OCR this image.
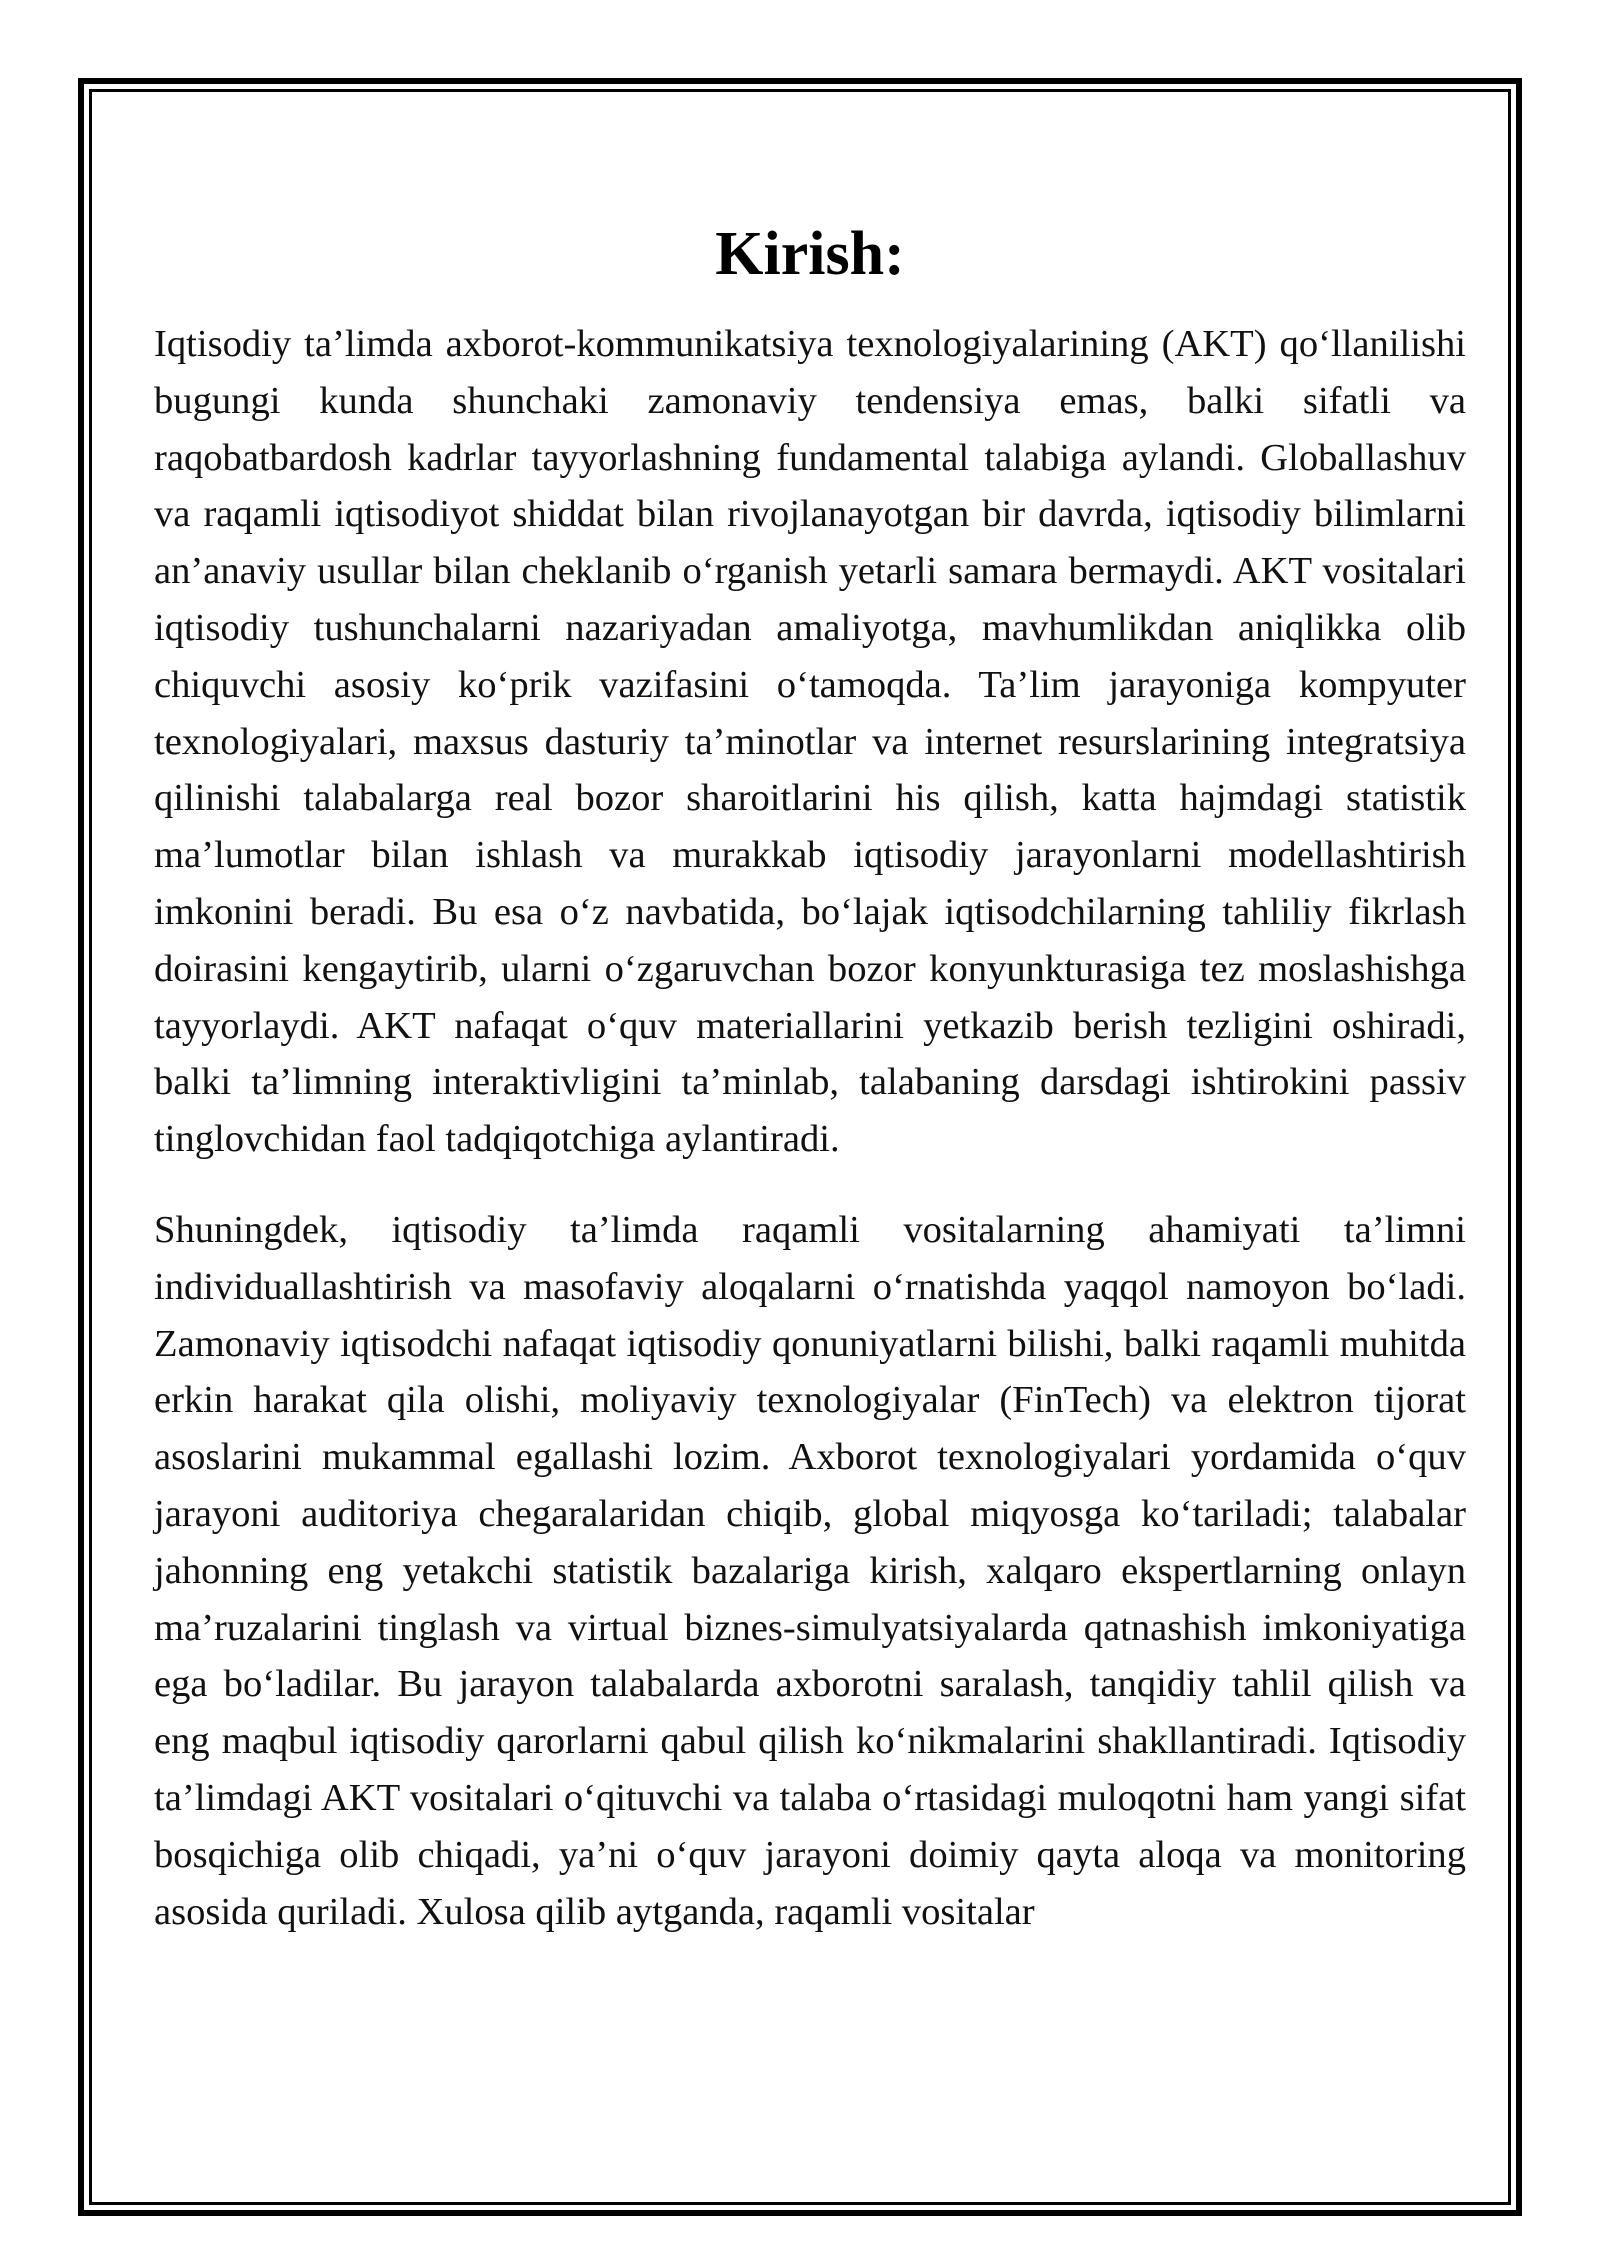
Kirish:

Iqtisodiy ta’limda axborot-kommunikatsiya texnologiyalarining (AKT) qo‘llanilishi bugungi kunda shunchaki zamonaviy tendensiya emas, balki sifatli va raqobatbardosh kadrlar tayyorlashning fundamental talabiga aylandi. Globallashuv va raqamli iqtisodiyot shiddat bilan rivojlanayotgan bir davrda, iqtisodiy bilimlarni an’anaviy usullar bilan cheklanib o‘rganish yetarli samara bermaydi. AKT vositalari iqtisodiy tushunchalarni nazariyadan amaliyotga, mavhumlikdan aniqlikka olib chiquvchi asosiy ko‘prik vazifasini o‘tamoqda. Ta’lim jarayoniga kompyuter texnologiyalari, maxsus dasturiy ta’minotlar va internet resurslarining integratsiya qilinishi talabalarga real bozor sharoitlarini his qilish, katta hajmdagi statistik ma’lumotlar bilan ishlash va murakkab iqtisodiy jarayonlarni modellashtirish imkonini beradi. Bu esa o‘z navbatida, bo‘lajak iqtisodchilarning tahliliy fikrlash doirasini kengaytirib, ularni o‘zgaruvchan bozor konyunkturasiga tez moslashishga tayyorlaydi. AKT nafaqat o‘quv materiallarini yetkazib berish tezligini oshiradi, balki ta’limning interaktivligini ta’minlab, talabaning darsdagi ishtirokini passiv tinglovchidan faol tadqiqotchiga aylantiradi.

Shuningdek, iqtisodiy ta’limda raqamli vositalarning ahamiyati ta’limni individuallashtirish va masofaviy aloqalarni o‘rnatishda yaqqol namoyon bo‘ladi. Zamonaviy iqtisodchi nafaqat iqtisodiy qonuniyatlarni bilishi, balki raqamli muhitda erkin harakat qila olishi, moliyaviy texnologiyalar (FinTech) va elektron tijorat asoslarini mukammal egallashi lozim. Axborot texnologiyalari yordamida o‘quv jarayoni auditoriya chegaralaridan chiqib, global miqyosga ko‘tariladi; talabalar jahonning eng yetakchi statistik bazalariga kirish, xalqaro ekspertlarning onlayn ma’ruzalarini tinglash va virtual biznes-simulyatsiyalarda qatnashish imkoniyatiga ega bo‘ladilar. Bu jarayon talabalarda axborotni saralash, tanqidiy tahlil qilish va eng maqbul iqtisodiy qarorlarni qabul qilish ko‘nikmalarini shakllantiradi. Iqtisodiy ta’limdagi AKT vositalari o‘qituvchi va talaba o‘rtasidagi muloqotni ham yangi sifat bosqichiga olib chiqadi, ya’ni o‘quv jarayoni doimiy qayta aloqa va monitoring asosida quriladi. Xulosa qilib aytganda, raqamli vositalar
